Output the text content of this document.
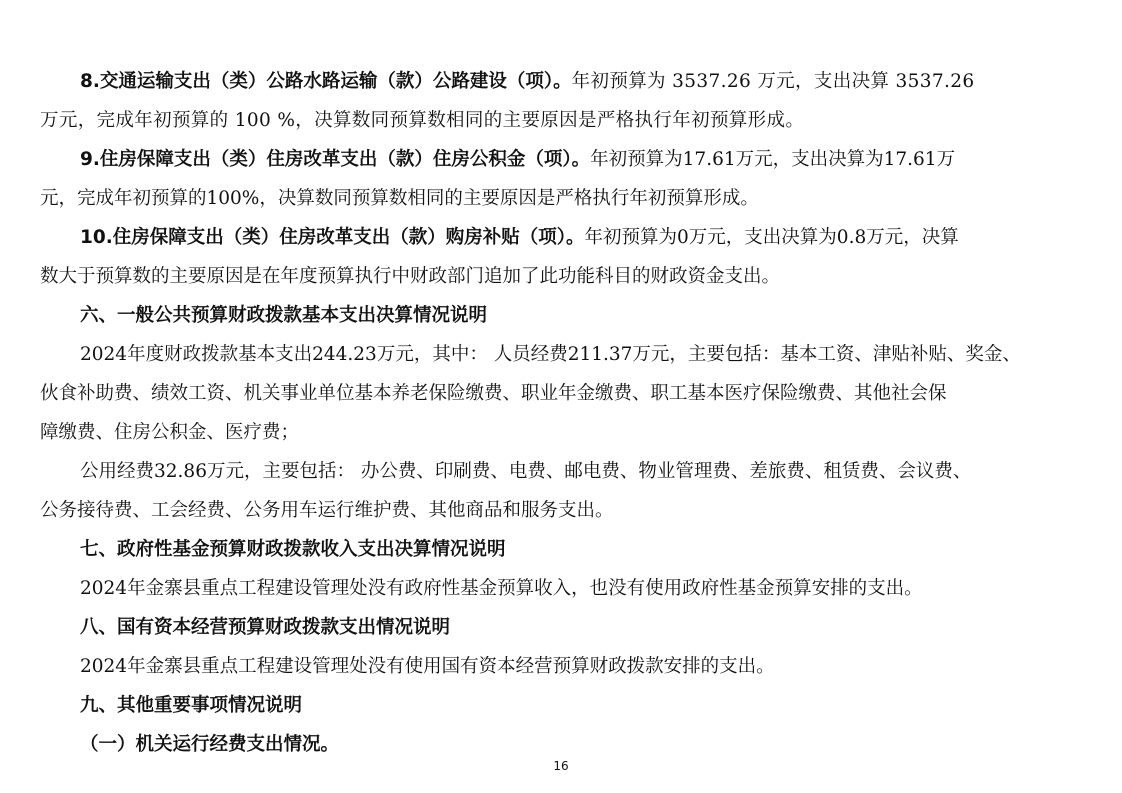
8.交通运输支出（类）公路水路运输（款）公路建设（项）。年初预算为 3537.26 万元，支出决算 3537.26
万元，完成年初预算的 100 %，决算数同预算数相同的主要原因是严格执行年初预算形成。
9.住房保障支出（类）住房改革支出（款）住房公积金（项）。年初预算为17.61万元，支出决算为17.61万
元，完成年初预算的100%，决算数同预算数相同的主要原因是严格执行年初预算形成。
10.住房保障支出（类）住房改革支出（款）购房补贴（项）。年初预算为0万元，支出决算为0.8万元，决算
数大于预算数的主要原因是在年度预算执行中财政部门追加了此功能科目的财政资金支出。
六、一般公共预算财政拨款基本支出决算情况说明
2024年度财政拨款基本支出244.23万元，其中： 人员经费211.37万元，主要包括：基本工资、津贴补贴、奖金、
伙食补助费、绩效工资、机关事业单位基本养老保险缴费、职业年金缴费、职工基本医疗保险缴费、其他社会保
障缴费、住房公积金、医疗费；
公用经费32.86万元，主要包括： 办公费、印刷费、电费、邮电费、物业管理费、差旅费、租赁费、会议费、
公务接待费、工会经费、公务用车运行维护费、其他商品和服务支出。
七、政府性基金预算财政拨款收入支出决算情况说明
2024年金寨县重点工程建设管理处没有政府性基金预算收入，也没有使用政府性基金预算安排的支出。
八、国有资本经营预算财政拨款支出情况说明
2024年金寨县重点工程建设管理处没有使用国有资本经营预算财政拨款安排的支出。
九、其他重要事项情况说明
（一）机关运行经费支出情况。
16
